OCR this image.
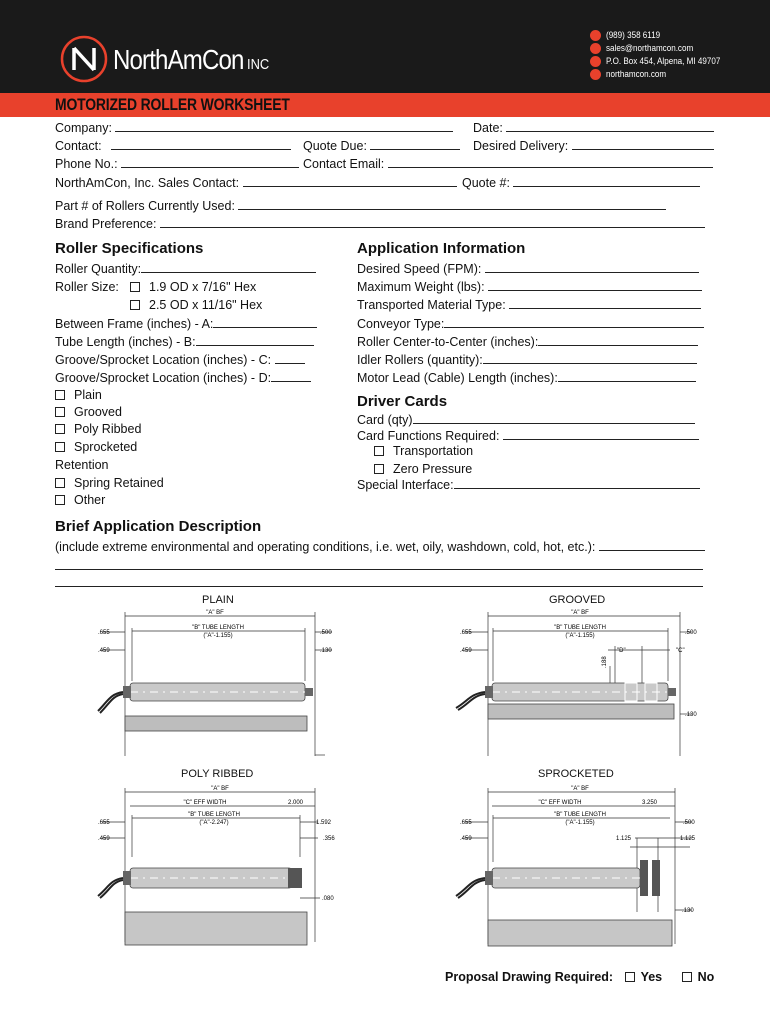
NorthAmCon INC
(989) 358 6119
sales@northamcon.com
P.O. Box 454, Alpena, MI 49707
northamcon.com
MOTORIZED ROLLER WORKSHEET
Company:	Date:
Contact:	Quote Due:	Desired Delivery:
Phone No.:	Contact Email:
NorthAmCon, Inc. Sales Contact:	Quote #:
Part # of Rollers Currently Used:
Brand Preference:
Roller Specifications
Roller Quantity:
Roller Size:	1.9 OD x 7/16" Hex
2.5 OD x 11/16" Hex
Between Frame (inches) - A:
Tube Length (inches) - B:
Groove/Sprocket Location (inches) - C:
Groove/Sprocket Location (inches) - D:
Plain
Grooved
Poly Ribbed
Sprocketed
Retention
Spring Retained
Other
Application Information
Desired Speed (FPM):
Maximum Weight (lbs):
Transported Material Type:
Conveyor Type:
Roller Center-to-Center (inches):
Idler Rollers (quantity):
Motor Lead (Cable) Length (inches):
Driver Cards
Card (qty)
Card Functions Required:
Transportation
Zero Pressure
Special Interface:
Brief Application Description
(include extreme environmental and operating conditions, i.e. wet, oily, washdown, cold, hot, etc.):
PLAIN	GROOVED
POLY RIBBED	SPROCKETED
"A" BF
"B" TUBE LENGTH
("A"-1.155)
.655	.500
.459	.130
"A" BF
"B" TUBE LENGTH
("A"-1.155)
.655	.500
.459
.130
"D"	"C"
.188
"A" BF
"C" EFF WIDTH
"B" TUBE LENGTH
("A"-2.247)
.655	1.592
.459	.356
.080
2.000
"A" BF
"C" EFF WIDTH
"B" TUBE LENGTH
("A"-1.155)
.655	.500
.459	1.125	1.125
3.250
.130
Proposal Drawing Required: Yes	No
